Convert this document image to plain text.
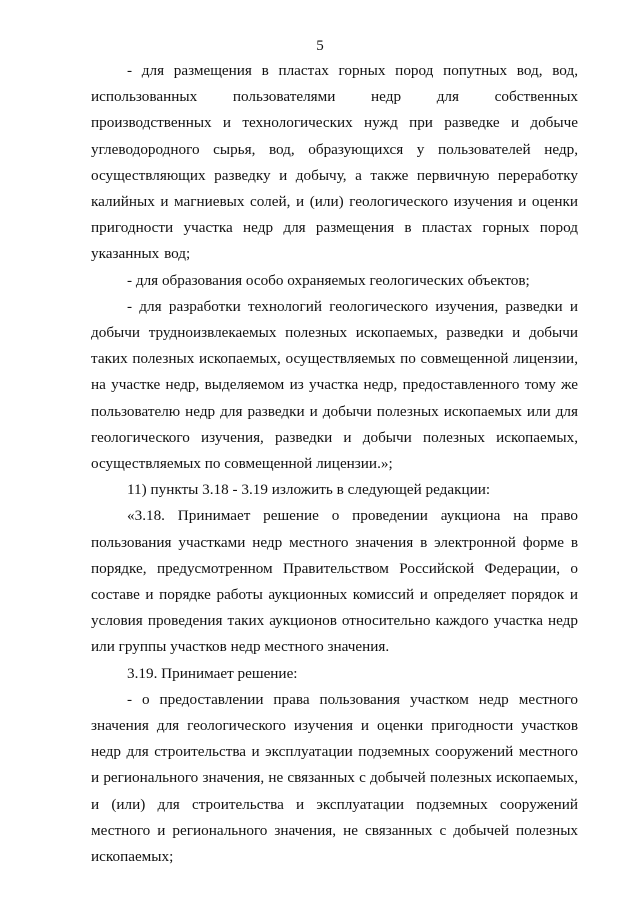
5

- для размещения в пластах горных пород попутных вод, вод, использованных пользователями недр для собственных производственных и технологических нужд при разведке и добыче углеводородного сырья, вод, образующихся у пользователей недр, осуществляющих разведку и добычу, а также первичную переработку калийных и магниевых солей, и (или) геологического изучения и оценки пригодности участка недр для размещения в пластах горных пород указанных вод;

- для образования особо охраняемых геологических объектов;

- для разработки технологий геологического изучения, разведки и добычи трудноизвлекаемых полезных ископаемых, разведки и добычи таких полезных ископаемых, осуществляемых по совмещенной лицензии, на участке недр, выделяемом из участка недр, предоставленного тому же пользователю недр для разведки и добычи полезных ископаемых или для геологического изучения, разведки и добычи полезных ископаемых, осуществляемых по совмещенной лицензии.»;

11) пункты 3.18 - 3.19 изложить в следующей редакции:

«3.18. Принимает решение о проведении аукциона на право пользования участками недр местного значения в электронной форме в порядке, предусмотренном Правительством Российской Федерации, о составе и порядке работы аукционных комиссий и определяет порядок и условия проведения таких аукционов относительно каждого участка недр или группы участков недр местного значения.

3.19. Принимает решение:

- о предоставлении права пользования участком недр местного значения для геологического изучения и оценки пригодности участков недр для строительства и эксплуатации подземных сооружений местного и регионального значения, не связанных с добычей полезных ископаемых, и (или) для строительства и эксплуатации подземных сооружений местного и регионального значения, не связанных с добычей полезных ископаемых;
